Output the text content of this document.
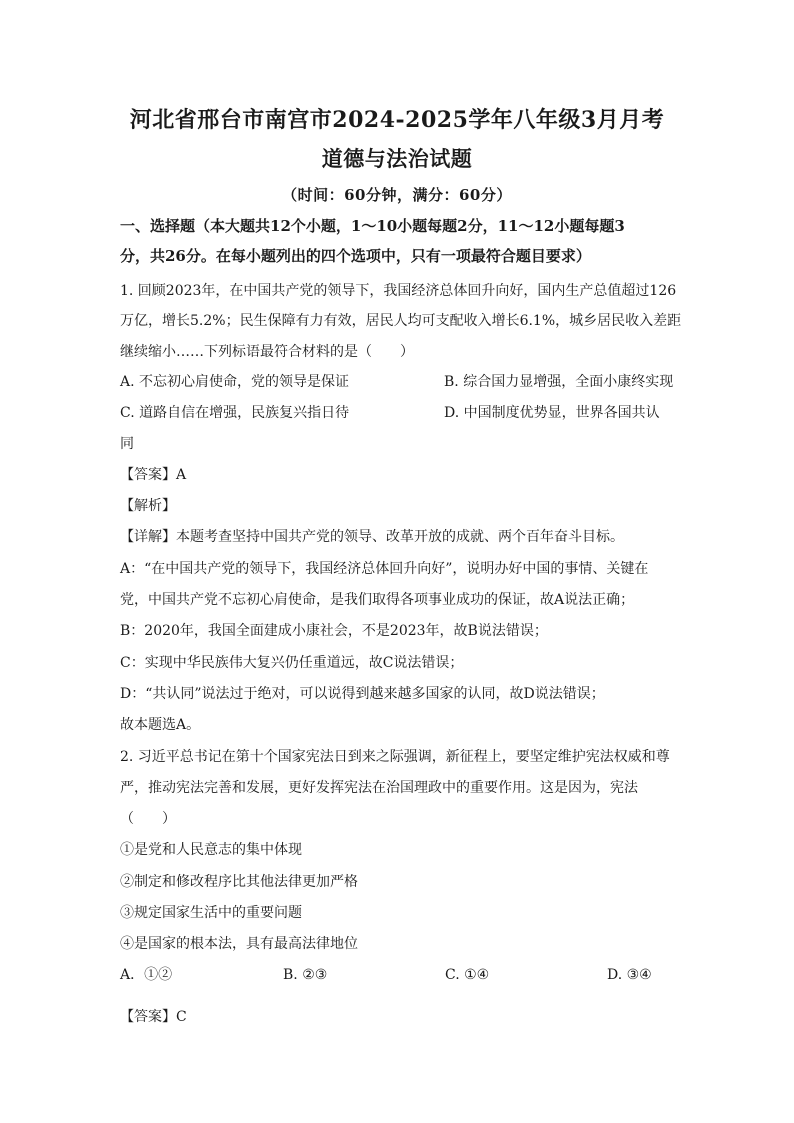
河北省邢台市南宫市2024-2025学年八年级3月月考
道德与法治试题
（时间：60分钟，满分：60分）
一、选择题（本大题共12个小题，1～10小题每题2分，11～12小题每题3
分，共26分。在每小题列出的四个选项中，只有一项最符合题目要求）
1. 回顾2023年，在中国共产党的领导下，我国经济总体回升向好，国内生产总值超过126
万亿，增长5.2%；民生保障有力有效，居民人均可支配收入增长6.1%，城乡居民收入差距
继续缩小……下列标语最符合材料的是（　　）
A. 不忘初心肩使命，党的领导是保证	B. 综合国力显增强，全面小康终实现
C. 道路自信在增强，民族复兴指日待	D. 中国制度优势显，世界各国共认
同
【答案】A
【解析】
【详解】本题考查坚持中国共产党的领导、改革开放的成就、两个百年奋斗目标。
A：“在中国共产党的领导下，我国经济总体回升向好”，说明办好中国的事情、关键在
党，中国共产党不忘初心肩使命，是我们取得各项事业成功的保证，故A说法正确；
B：2020年，我国全面建成小康社会，不是2023年，故B说法错误；
C：实现中华民族伟大复兴仍任重道远，故C说法错误；
D：“共认同”说法过于绝对，可以说得到越来越多国家的认同，故D说法错误；
故本题选A。
2. 习近平总书记在第十个国家宪法日到来之际强调，新征程上，要坚定维护宪法权威和尊
严，推动宪法完善和发展，更好发挥宪法在治国理政中的重要作用。这是因为，宪法
（　　）
①是党和人民意志的集中体现
②制定和修改程序比其他法律更加严格
③规定国家生活中的重要问题
④是国家的根本法，具有最高法律地位
A．①②	B. ②③	C. ①④	D. ③④
【答案】C
